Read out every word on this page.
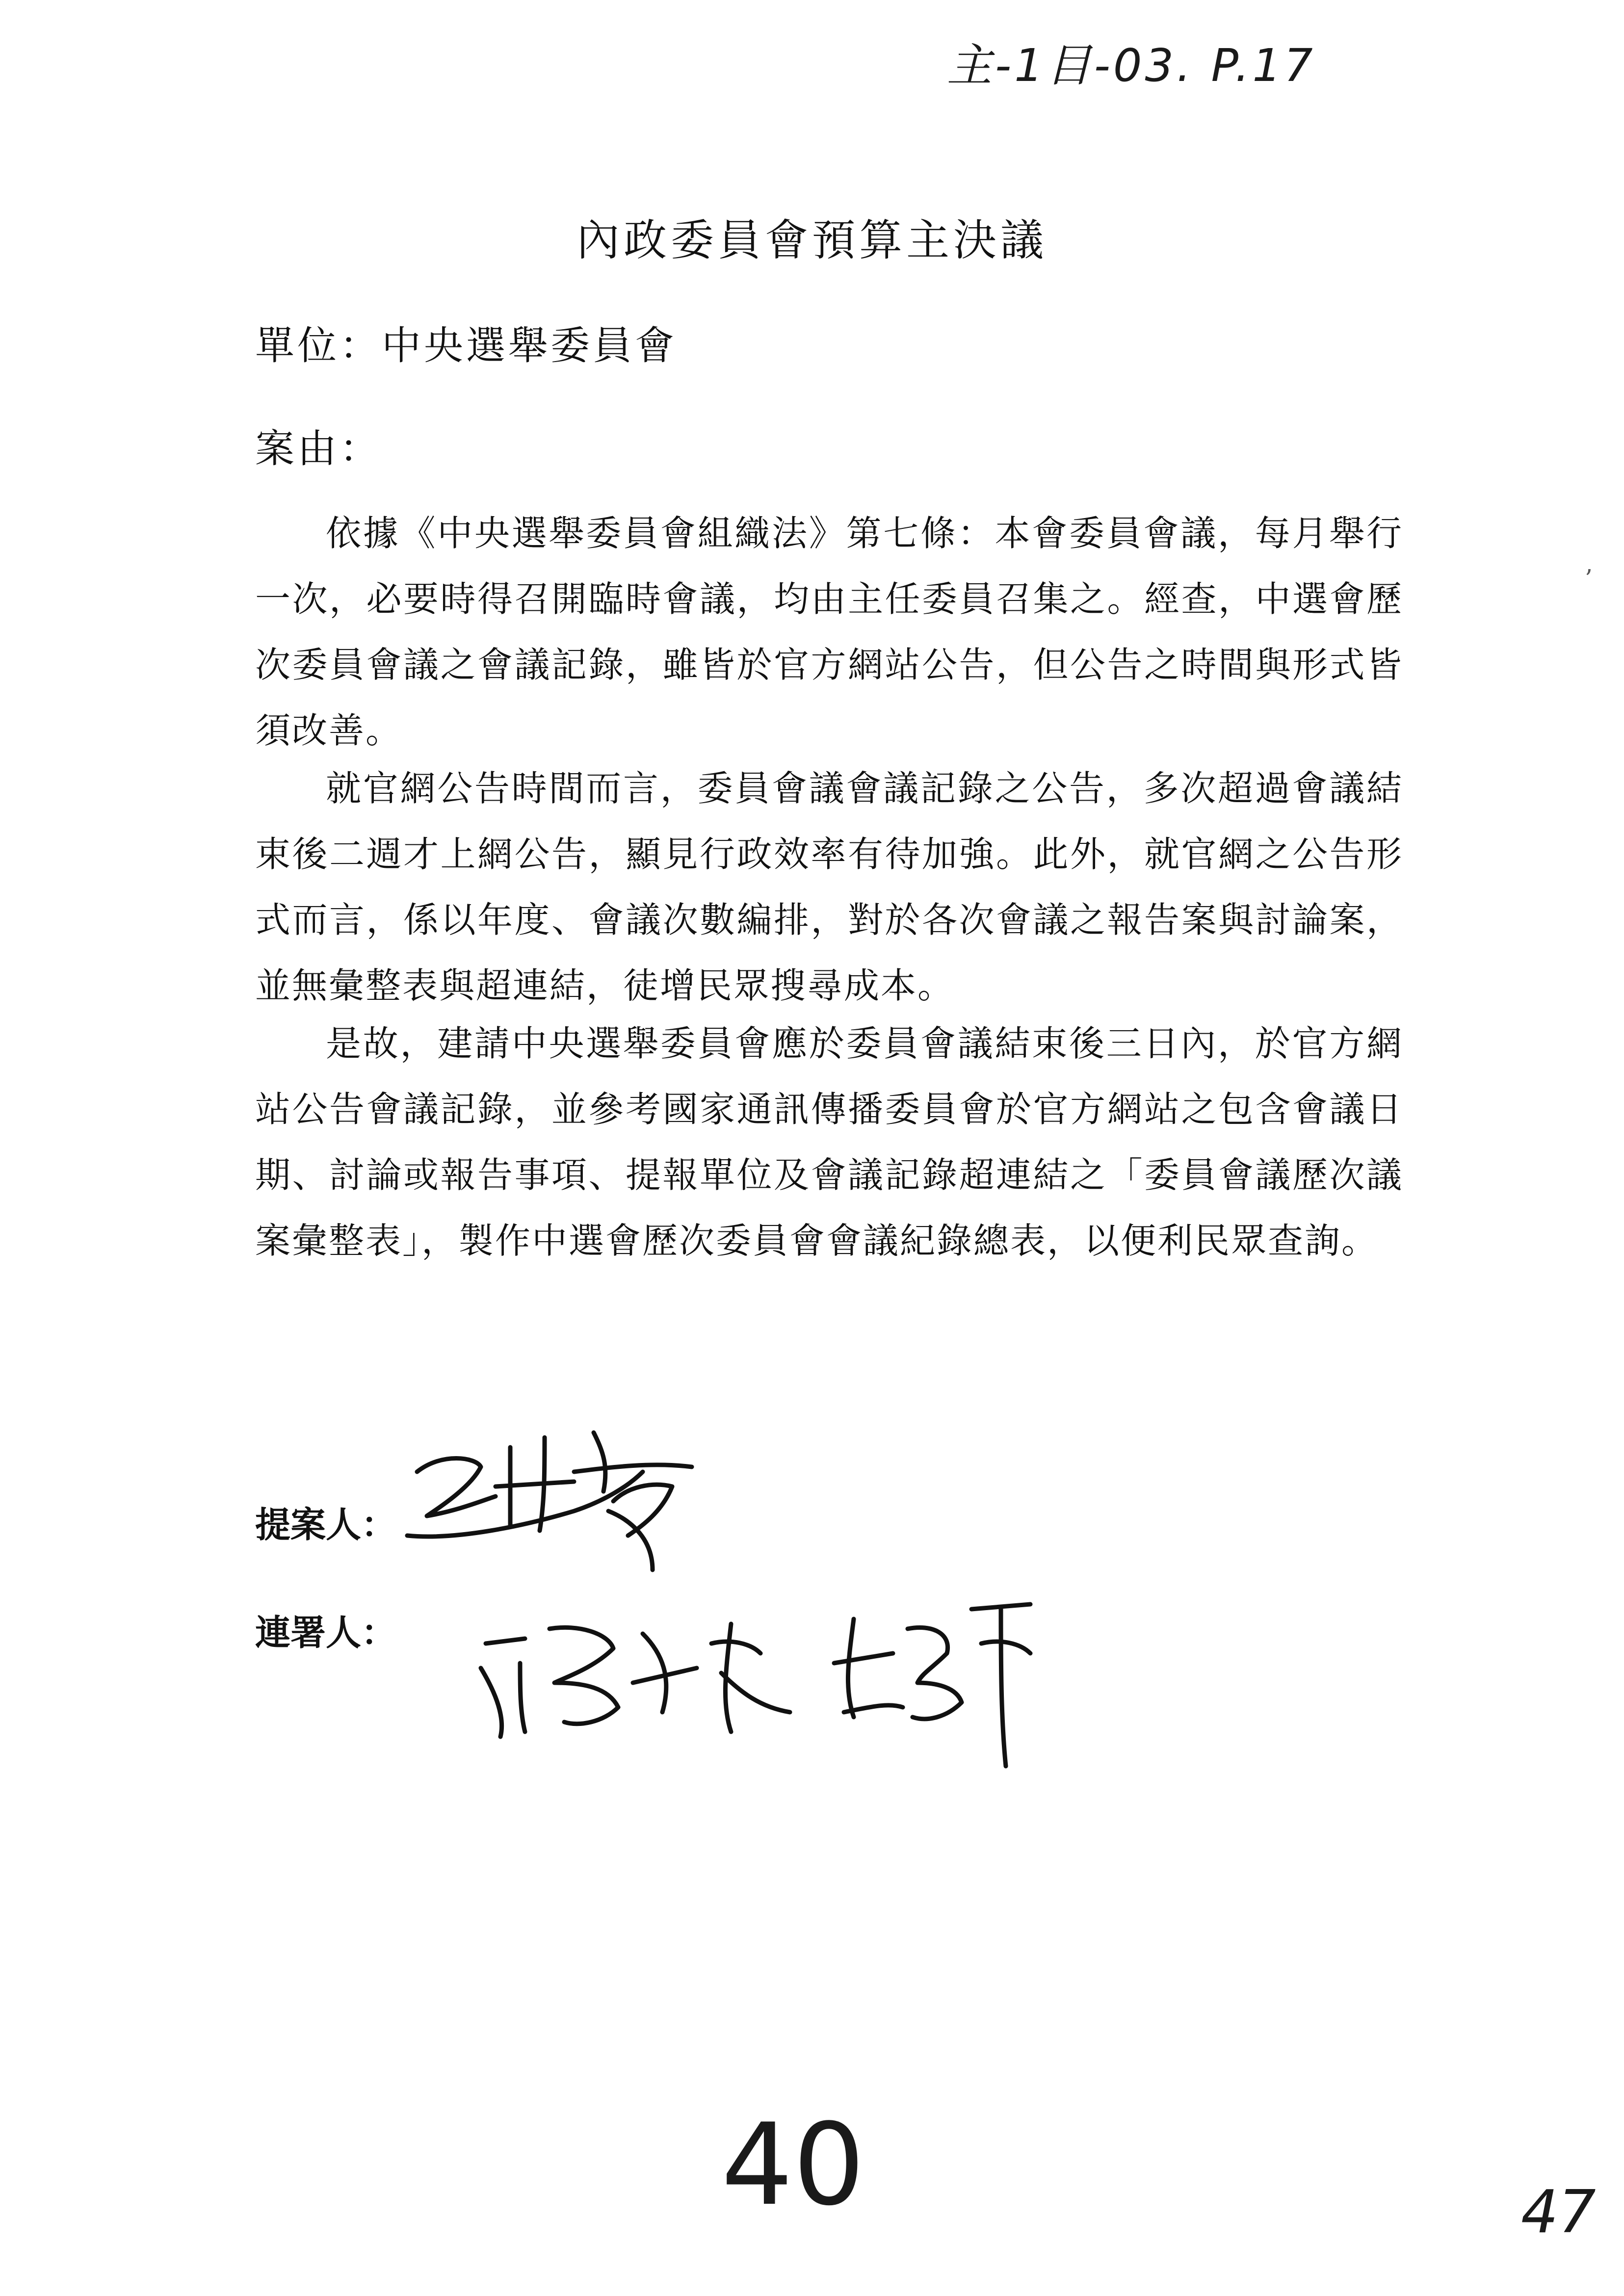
主-1目-03. P.17
內政委員會預算主決議
單位：中央選舉委員會
案由：
依據《中央選舉委員會組織法》第七條：本會委員會議，每月舉行一次，必要時得召開臨時會議，均由主任委員召集之。經查，中選會歷次委員會議之會議記錄，雖皆於官方網站公告，但公告之時間與形式皆須改善。
就官網公告時間而言，委員會議會議記錄之公告，多次超過會議結束後二週才上網公告，顯見行政效率有待加強。此外，就官網之公告形式而言，係以年度、會議次數編排，對於各次會議之報告案與討論案，並無彙整表與超連結，徒增民眾搜尋成本。
是故，建請中央選舉委員會應於委員會議結束後三日內，於官方網站公告會議記錄，並參考國家通訊傳播委員會於官方網站之包含會議日期、討論或報告事項、提報單位及會議記錄超連結之「委員會議歷次議案彙整表」，製作中選會歷次委員會會議紀錄總表，以便利民眾查詢。
’
提案人：
連署人：
40	47
